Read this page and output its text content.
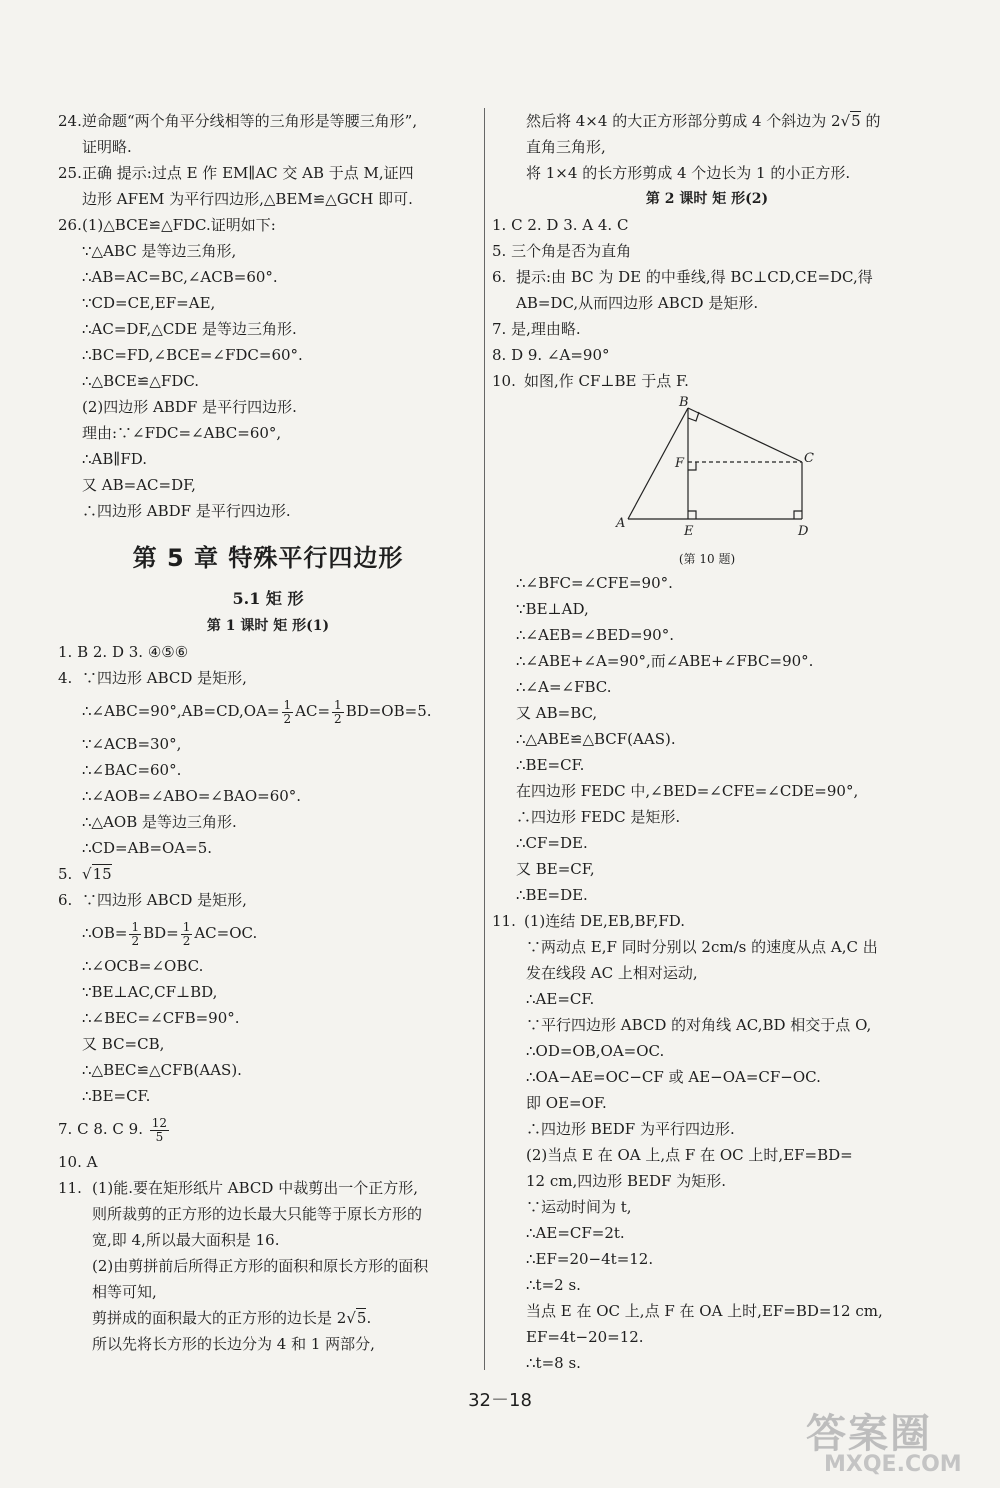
24.逆命题“两个角平分线相等的三角形是等腰三角形”,
证明略.
25.正确 提示:过点 E 作 EM∥AC 交 AB 于点 M,证四
边形 AFEM 为平行四边形,△BEM≌△GCH 即可.
26.(1)△BCE≌△FDC.证明如下:
∵△ABC 是等边三角形,
∴AB=AC=BC,∠ACB=60°.
∵CD=CE,EF=AE,
∴AC=DF,△CDE 是等边三角形.
∴BC=FD,∠BCE=∠FDC=60°.
∴△BCE≌△FDC.
(2)四边形 ABDF 是平行四边形.
理由:∵∠FDC=∠ABC=60°,
∴AB∥FD.
又 AB=AC=DF,
∴四边形 ABDF 是平行四边形.
第 5 章 特殊平行四边形
5.1 矩 形
第 1 课时 矩 形(1)
1. B 2. D 3. ④⑤⑥
4. ∵四边形 ABCD 是矩形,
∴∠ABC=90°,AB=CD,OA= $\frac{1}{2} AC= \frac{1}{2} BD=OB=5$.
∵∠ACB=30°,
∴∠BAC=60°.
∴∠AOB=∠ABO=∠BAO=60°.
∴△AOB 是等边三角形.
∴CD=AB=OA=5.
5. √15
6. ∵四边形 ABCD 是矩形,
∴OB= $\frac{1}{2} BD= \frac{1}{2} AC=OC$.
∴∠OCB=∠OBC.
∵BE⊥AC,CF⊥BD,
∴∠BEC=∠CFB=90°.
又 BC=CB,
∴△BEC≌△CFB(AAS).
∴BE=CF.
7. C 8. C 9. $\frac{12}{5}$
10. A
11. (1)能.要在矩形纸片 ABCD 中裁剪出一个正方形,
则所裁剪的正方形的边长最大只能等于原长方形的
宽,即 4,所以最大面积是 16.
(2)由剪拼前后所得正方形的面积和原长方形的面积
相等可知,
剪拼成的面积最大的正方形的边长是 2√5.
所以先将长方形的长边分为 4 和 1 两部分,
然后将 4×4 的大正方形部分剪成 4 个斜边为 2√5 的
直角三角形,
将 1×4 的长方形剪成 4 个边长为 1 的小正方形.
第 2 课时 矩 形(2)
1. C 2. D 3. A 4. C
5. 三个角是否为直角
6. 提示:由 BC 为 DE 的中垂线,得 BC⊥CD,CE=DC,得
AB=DC,从而四边形 ABCD 是矩形.
7. 是,理由略.
8. D 9. ∠A=90°
10. 如图,作 CF⊥BE 于点 F.
B
F	C
A
E	D
(第 10 题)
∴∠BFC=∠CFE=90°.
∵BE⊥AD,
∴∠AEB=∠BED=90°.
∴∠ABE+∠A=90°,而∠ABE+∠FBC=90°.
∴∠A=∠FBC.
又 AB=BC,
∴△ABE≌△BCF(AAS).
∴BE=CF.
在四边形 FEDC 中,∠BED=∠CFE=∠CDE=90°,
∴四边形 FEDC 是矩形.
∴CF=DE.
又 BE=CF,
∴BE=DE.
11. (1)连结 DE,EB,BF,FD.
∵两动点 E,F 同时分别以 2cm/s 的速度从点 A,C 出
发在线段 AC 上相对运动,
∴AE=CF.
∵平行四边形 ABCD 的对角线 AC,BD 相交于点 O,
∴OD=OB,OA=OC.
∴OA−AE=OC−CF 或 AE−OA=CF−OC.
即 OE=OF.
∴四边形 BEDF 为平行四边形.
(2)当点 E 在 OA 上,点 F 在 OC 上时,EF=BD=
12 cm,四边形 BEDF 为矩形.
∵运动时间为 t,
∴AE=CF=2t.
∴EF=20−4t=12.
∴t=2 s.
当点 E 在 OC 上,点 F 在 OA 上时,EF=BD=12 cm,
EF=4t−20=12.
∴t=8 s.
32－18
答案圈
MXQE.COM
